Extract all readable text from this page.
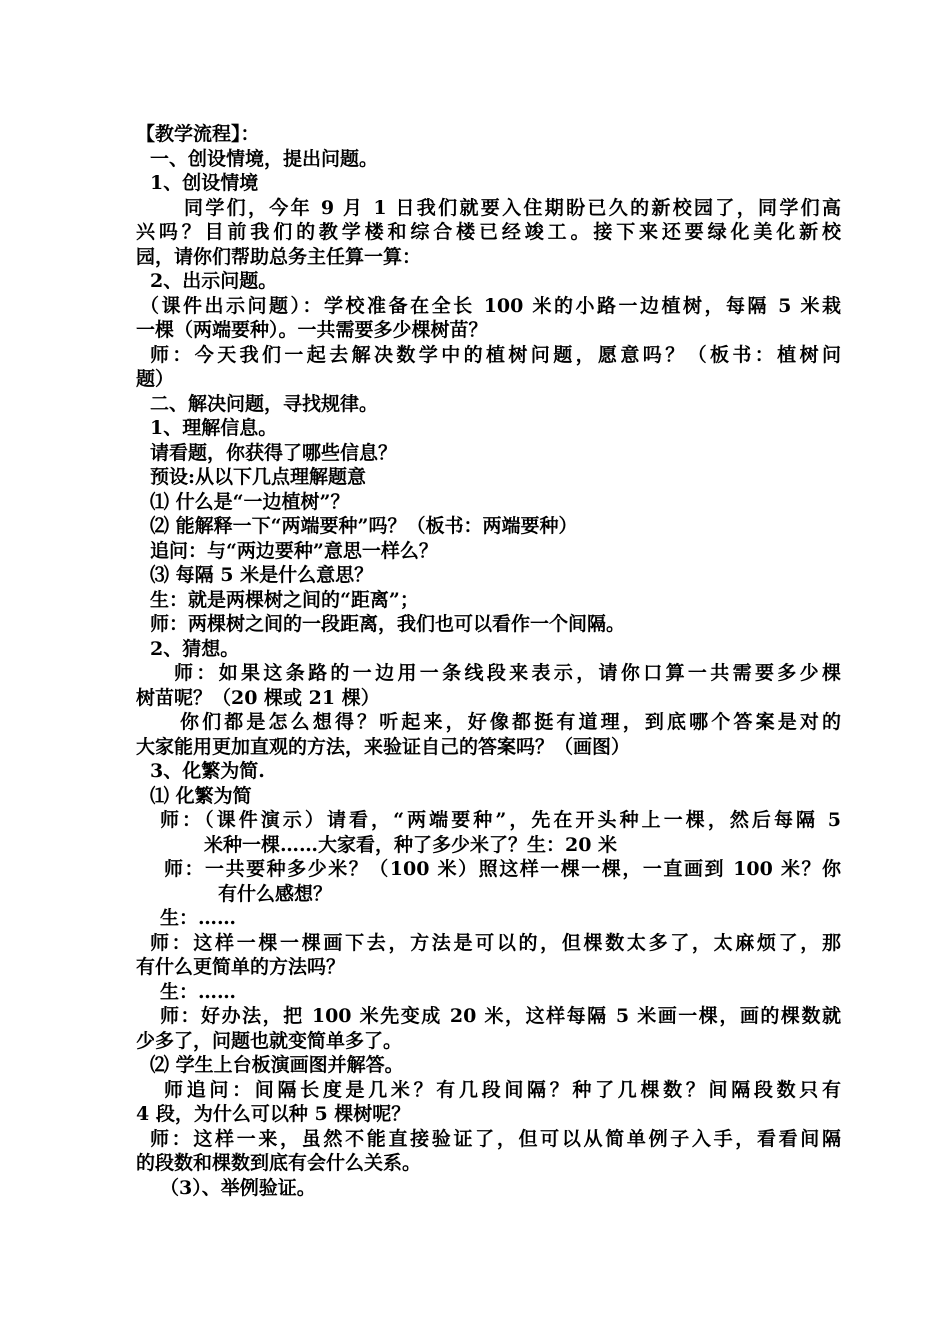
【教学流程】：
一、创设情境，提出问题。
1、创设情境
同学们，今年 9 月 1 日我们就要入住期盼已久的新校园了，同学们高
兴吗？目前我们的教学楼和综合楼已经竣工。接下来还要绿化美化新校
园，请你们帮助总务主任算一算：
2、出示问题。
（课件出示问题）：学校准备在全长 100 米的小路一边植树，每隔 5 米栽
一棵（两端要种）。一共需要多少棵树苗？
师：今天我们一起去解决数学中的植树问题，愿意吗？（板书：植树问
题）
二、解决问题，寻找规律。
1、理解信息。
请看题，你获得了哪些信息？
预设:从以下几点理解题意
⑴ 什么是“一边植树”？
⑵ 能解释一下“两端要种”吗？（板书：两端要种）
追问：与“两边要种”意思一样么？
⑶ 每隔 5 米是什么意思？
生：就是两棵树之间的“距离”；
师：两棵树之间的一段距离，我们也可以看作一个间隔。
2、猜想。
师：如果这条路的一边用一条线段来表示，请你口算一共需要多少棵
树苗呢？（20 棵或 21 棵）
你们都是怎么想得？听起来，好像都挺有道理，到底哪个答案是对的
大家能用更加直观的方法，来验证自己的答案吗？（画图）
3、化繁为简.
⑴ 化繁为简
师：（课件演示）请看，“两端要种”，先在开头种上一棵，然后每隔 5
米种一棵……大家看，种了多少米了？生：20 米
师：一共要种多少米？（100 米）照这样一棵一棵，一直画到 100 米？你
有什么感想？
生：……
师：这样一棵一棵画下去，方法是可以的，但棵数太多了，太麻烦了，那
有什么更简单的方法吗？
生：……
师：好办法，把 100 米先变成 20 米，这样每隔 5 米画一棵，画的棵数就
少多了，问题也就变简单多了。
⑵ 学生上台板演画图并解答。
师追问：间隔长度是几米？有几段间隔？种了几棵数？间隔段数只有
4 段，为什么可以种 5 棵树呢？
师：这样一来，虽然不能直接验证了，但可以从简单例子入手，看看间隔
的段数和棵数到底有会什么关系。
（3）、举例验证。
